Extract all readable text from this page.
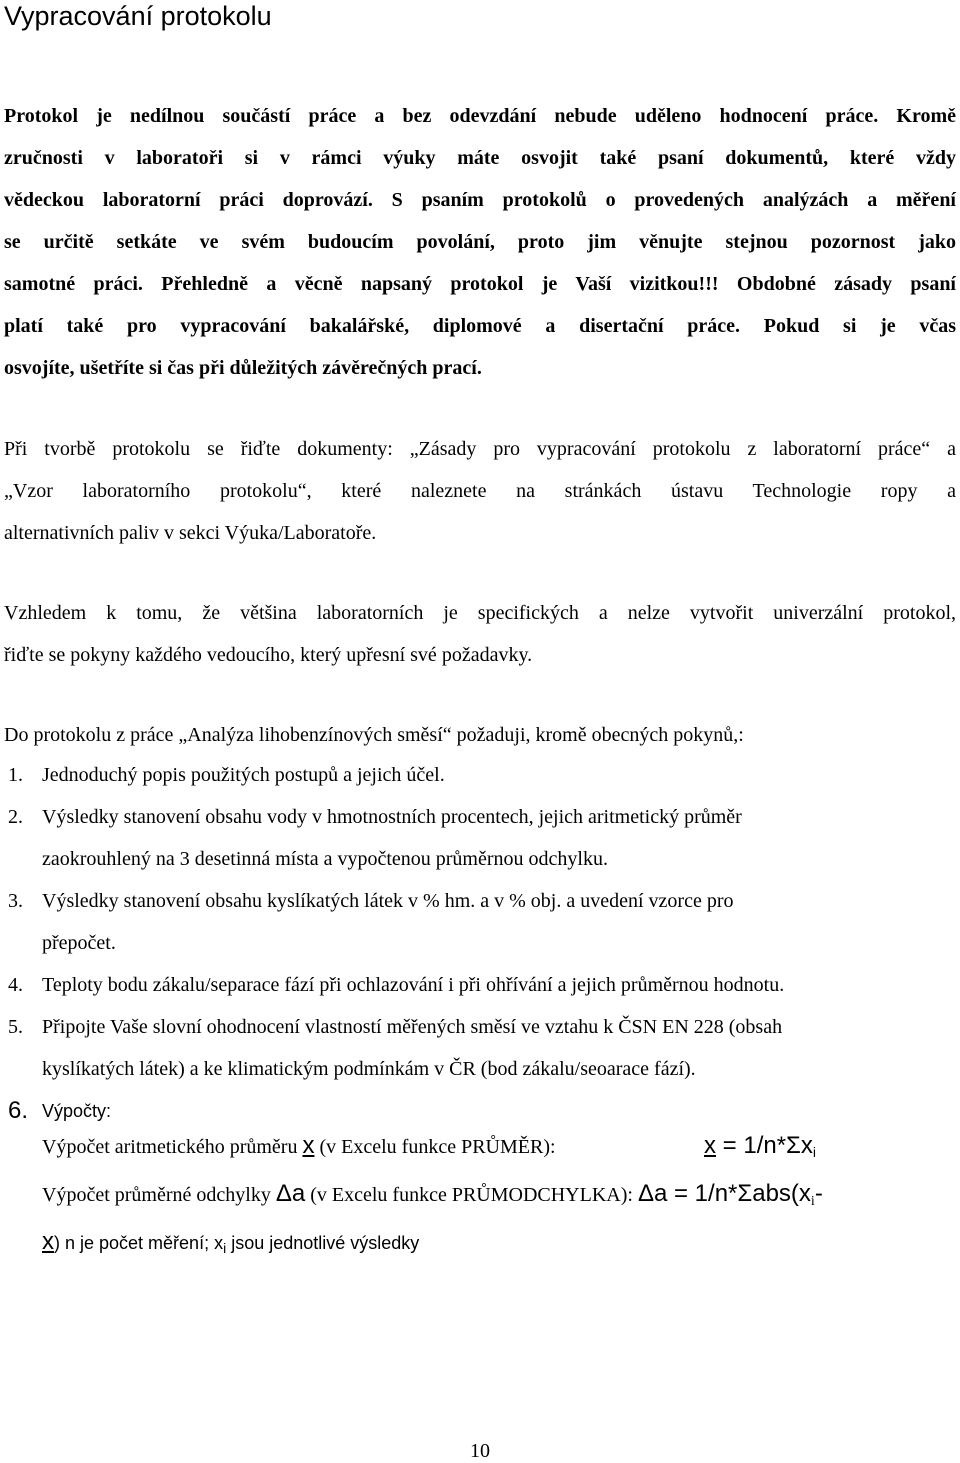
Vypracování protokolu
Protokol je nedílnou součástí práce a bez odevzdání nebude uděleno hodnocení práce. Kromě
zručnosti v laboratoři si v rámci výuky máte osvojit také psaní dokumentů, které vždy
vědeckou laboratorní práci doprovází. S psaním protokolů o provedených analýzách a měření
se určitě setkáte ve svém budoucím povolání, proto jim věnujte stejnou pozornost jako
samotné práci. Přehledně a věcně napsaný protokol je Vaší vizitkou!!! Obdobné zásady psaní
platí také pro vypracování bakalářské, diplomové a disertační práce. Pokud si je včas
osvojíte, ušetříte si čas při důležitých závěrečných prací.
Při tvorbě protokolu se řiďte dokumenty: „Zásady pro vypracování protokolu z laboratorní práce“ a
„Vzor laboratorního protokolu“, které naleznete na stránkách ústavu Technologie ropy a
alternativních paliv v sekci Výuka/Laboratoře.
Vzhledem k tomu, že většina laboratorních je specifických a nelze vytvořit univerzální protokol,
řiďte se pokyny každého vedoucího, který upřesní své požadavky.
Do protokolu z práce „Analýza lihobenzínových směsí“ požaduji, kromě obecných pokynů,:
1. Jednoduchý popis použitých postupů a jejich účel.
2. Výsledky stanovení obsahu vody v hmotnostních procentech, jejich aritmetický průměr
zaokrouhlený na 3 desetinná místa a vypočtenou průměrnou odchylku.
3. Výsledky stanovení obsahu kyslíkatých látek v % hm. a v % obj. a uvedení vzorce pro
přepočet.
4. Teploty bodu zákalu/separace fází při ochlazování i při ohřívání a jejich průměrnou hodnotu.
5. Připojte Vaše slovní ohodnocení vlastností měřených směsí ve vztahu k ČSN EN 228 (obsah
kyslíkatých látek) a ke klimatickým podmínkám v ČR (bod zákalu/seoarace fází).
6. Výpočty:
Výpočet aritmetického průměru x (v Excelu funkce PRŮMĚR):	$x = 1/n*\Sigma x_i$
Výpočet průměrné odchylky Δa (v Excelu funkce PRŮMODCHYLKA): $\Delta a = 1/n*\Sigma abs(x_i-$
x) n je počet měření; $x_i$ jsou jednotlivé výsledky
10
